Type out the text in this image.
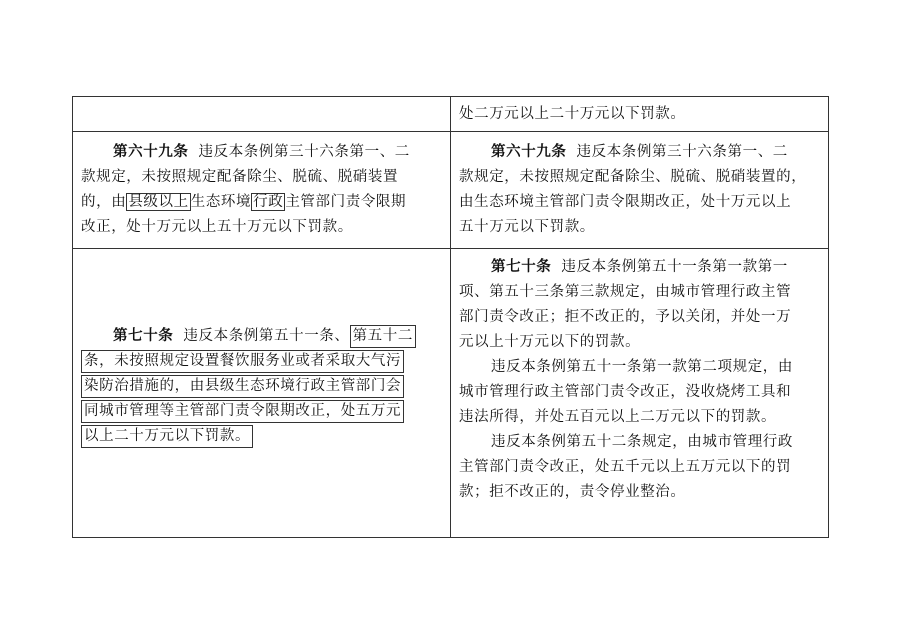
处二万元以上二十万元以下罚款。
第六十九条 违反本条例第三十六条第一、二
款规定，未按照规定配备除尘、脱硫、脱硝装置
的，由 县级以上 生态环境 行政 主管部门责令限期
改正，处十万元以上五十万元以下罚款。
第六十九条 违反本条例第三十六条第一、二
款规定，未按照规定配备除尘、脱硫、脱硝装置的，
由生态环境主管部门责令限期改正，处十万元以上
五十万元以下罚款。
第七十条 违反本条例第五十一条、 第五十二
条，未按照规定设置餐饮服务业或者采取大气污
染防治措施的，由县级生态环境行政主管部门会
同城市管理等主管部门责令限期改正，处五万元
以上二十万元以下罚款。
第七十条 违反本条例第五十一条第一款第一
项、第五十三条第三款规定，由城市管理行政主管
部门责令改正；拒不改正的，予以关闭，并处一万
元以上十万元以下的罚款。
违反本条例第五十一条第一款第二项规定，由
城市管理行政主管部门责令改正，没收烧烤工具和
违法所得，并处五百元以上二万元以下的罚款。
违反本条例第五十二条规定，由城市管理行政
主管部门责令改正，处五千元以上五万元以下的罚
款；拒不改正的，责令停业整治。
